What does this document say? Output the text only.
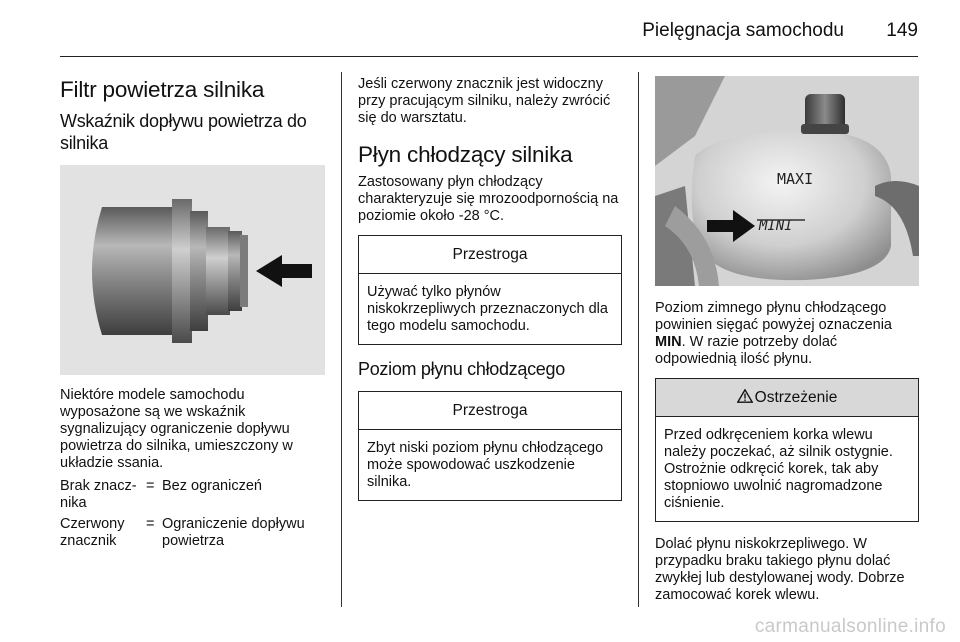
Pielęgnacja samochodu 149
Filtr powietrza silnika
Wskaźnik dopływu powietrza do silnika

Niektóre modele samochodu wyposażone są we wskaźnik sygnalizujący ograniczenie dopływu powietrza do silnika, umieszczony w układzie ssania.

Brak znacz-
nika
= Bez ograniczeń
Czerwony znacznik
= Ograniczenie dopływu powietrza

Jeśli czerwony znacznik jest widoczny przy pracującym silniku, należy zwrócić się do warsztatu.

Płyn chłodzący silnika

Zastosowany płyn chłodzący charakteryzuje się mrozoodpornością na poziomie około -28 °C.

Przestroga
Używać tylko płynów niskokrzepliwych przeznaczonych dla tego modelu samochodu.
Poziom płynu chłodzącego
Przestroga
Zbyt niski poziom płynu chłodzącego może spowodować uszkodzenie silnika.
MAXI
MINI

Poziom zimnego płynu chłodzącego powinien sięgać powyżej oznaczenia MIN. W razie potrzeby dolać odpowiednią ilość płynu.

Ostrzeżenie
Przed odkręceniem korka wlewu należy poczekać, aż silnik ostygnie. Ostrożnie odkręcić korek, tak aby stopniowo uwolnić nagromadzone ciśnienie.

Dolać płynu niskokrzepliwego. W przypadku braku takiego płynu dolać zwykłej lub destylowanej wody. Dobrze zamocować korek wlewu.

carmanualsonline.info
